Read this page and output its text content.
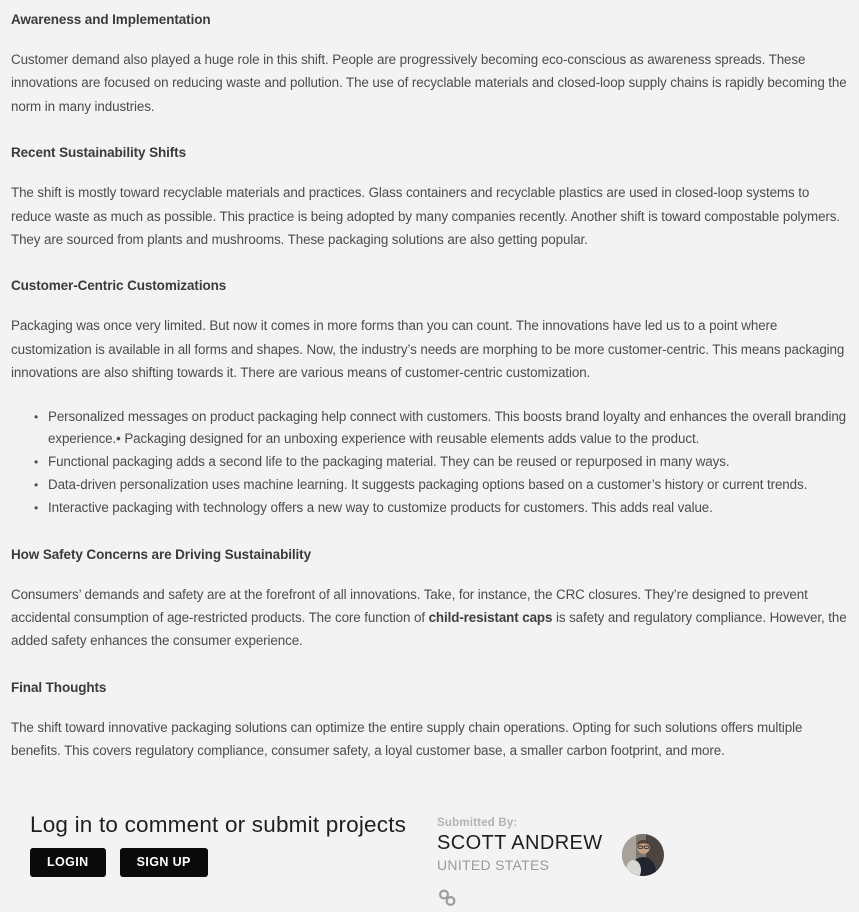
Awareness and Implementation

Customer demand also played a huge role in this shift. People are progressively becoming eco-conscious as awareness spreads. These innovations are focused on reducing waste and pollution. The use of recyclable materials and closed-loop supply chains is rapidly becoming the norm in many industries.

Recent Sustainability Shifts

The shift is mostly toward recyclable materials and practices. Glass containers and recyclable plastics are used in closed-loop systems to reduce waste as much as possible. This practice is being adopted by many companies recently. Another shift is toward compostable polymers. They are sourced from plants and mushrooms. These packaging solutions are also getting popular.

Customer-Centric Customizations

Packaging was once very limited. But now it comes in more forms than you can count. The innovations have led us to a point where customization is available in all forms and shapes. Now, the industry’s needs are morphing to be more customer-centric. This means packaging innovations are also shifting towards it. There are various means of customer-centric customization.

• Personalized messages on product packaging help connect with customers. This boosts brand loyalty and enhances the overall branding experience.• Packaging designed for an unboxing experience with reusable elements adds value to the product.
• Functional packaging adds a second life to the packaging material. They can be reused or repurposed in many ways.
• Data-driven personalization uses machine learning. It suggests packaging options based on a customer’s history or current trends.
• Interactive packaging with technology offers a new way to customize products for customers. This adds real value.
How Safety Concerns are Driving Sustainability

Consumers’ demands and safety are at the forefront of all innovations. Take, for instance, the CRC closures. They’re designed to prevent accidental consumption of age-restricted products. The core function of child-resistant caps is safety and regulatory compliance. However, the added safety enhances the consumer experience.

Final Thoughts

The shift toward innovative packaging solutions can optimize the entire supply chain operations. Opting for such solutions offers multiple benefits. This covers regulatory compliance, consumer safety, a loyal customer base, a smaller carbon footprint, and more.

Log in to comment or submit projects
LOGIN	SIGN UP
Submitted By:
SCOTT ANDREW
UNITED STATES
